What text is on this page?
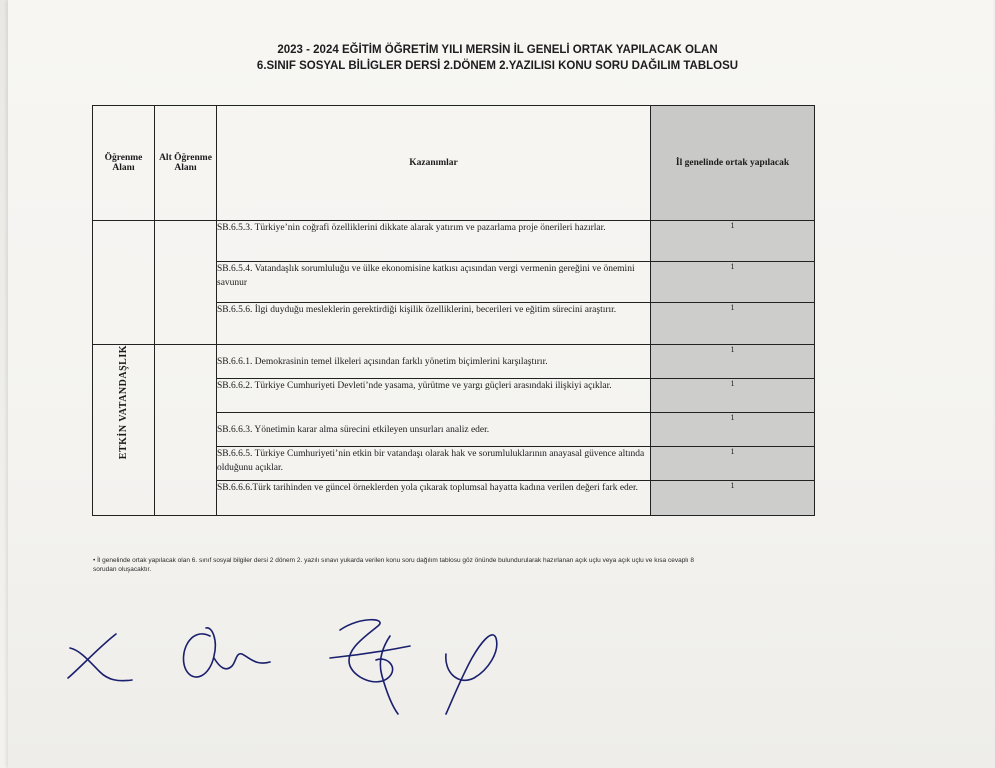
2023 - 2024 EĞİTİM ÖĞRETİM YILI MERSİN İL GENELİ ORTAK YAPILACAK OLAN
6.SINIF SOSYAL BİLİGLER DERSİ 2.DÖNEM 2.YAZILISI KONU SORU DAĞILIM TABLOSU
Öğrenme Alanı	Alt Öğrenme Alanı	Kazanımlar	İl genelinde ortak yapılacak
		SB.6.5.3. Türkiye’nin coğrafi özelliklerini dikkate alarak yatırım ve pazarlama proje önerileri hazırlar.	1
		SB.6.5.4. Vatandaşlık sorumluluğu ve ülke ekonomisine katkısı açısından vergi vermenin gereğini ve önemini savunur	1
		SB.6.5.6. İlgi duyduğu mesleklerin gerektirdiği kişilik özelliklerini, becerileri ve eğitim sürecini araştırır.	1
ETKİN VATANDAŞLIK		SB.6.6.1. Demokrasinin temel ilkeleri açısından farklı yönetim biçimlerini karşılaştırır.	1
		SB.6.6.2. Türkiye Cumhuriyeti Devleti’nde yasama, yürütme ve yargı güçleri arasındaki ilişkiyi açıklar.	1
		SB.6.6.3. Yönetimin karar alma sürecini etkileyen unsurları analiz eder.	1
		SB.6.6.5. Türkiye Cumhuriyeti’nin etkin bir vatandaşı olarak hak ve sorumluluklarının anayasal güvence altında olduğunu açıklar.	1
		SB.6.6.6.Türk tarihinden ve güncel örneklerden yola çıkarak toplumsal hayatta kadına verilen değeri fark eder.	1
• İl genelinde ortak yapılacak olan 6. sınıf sosyal bilgiler dersi 2 dönem 2. yazılı sınavı yukarda verilen konu soru dağılım tablosu göz önünde bulundurularak hazırlanan açık uçlu veya açık uçlu ve kısa cevaplı 8 sorudan oluşacaktır.
